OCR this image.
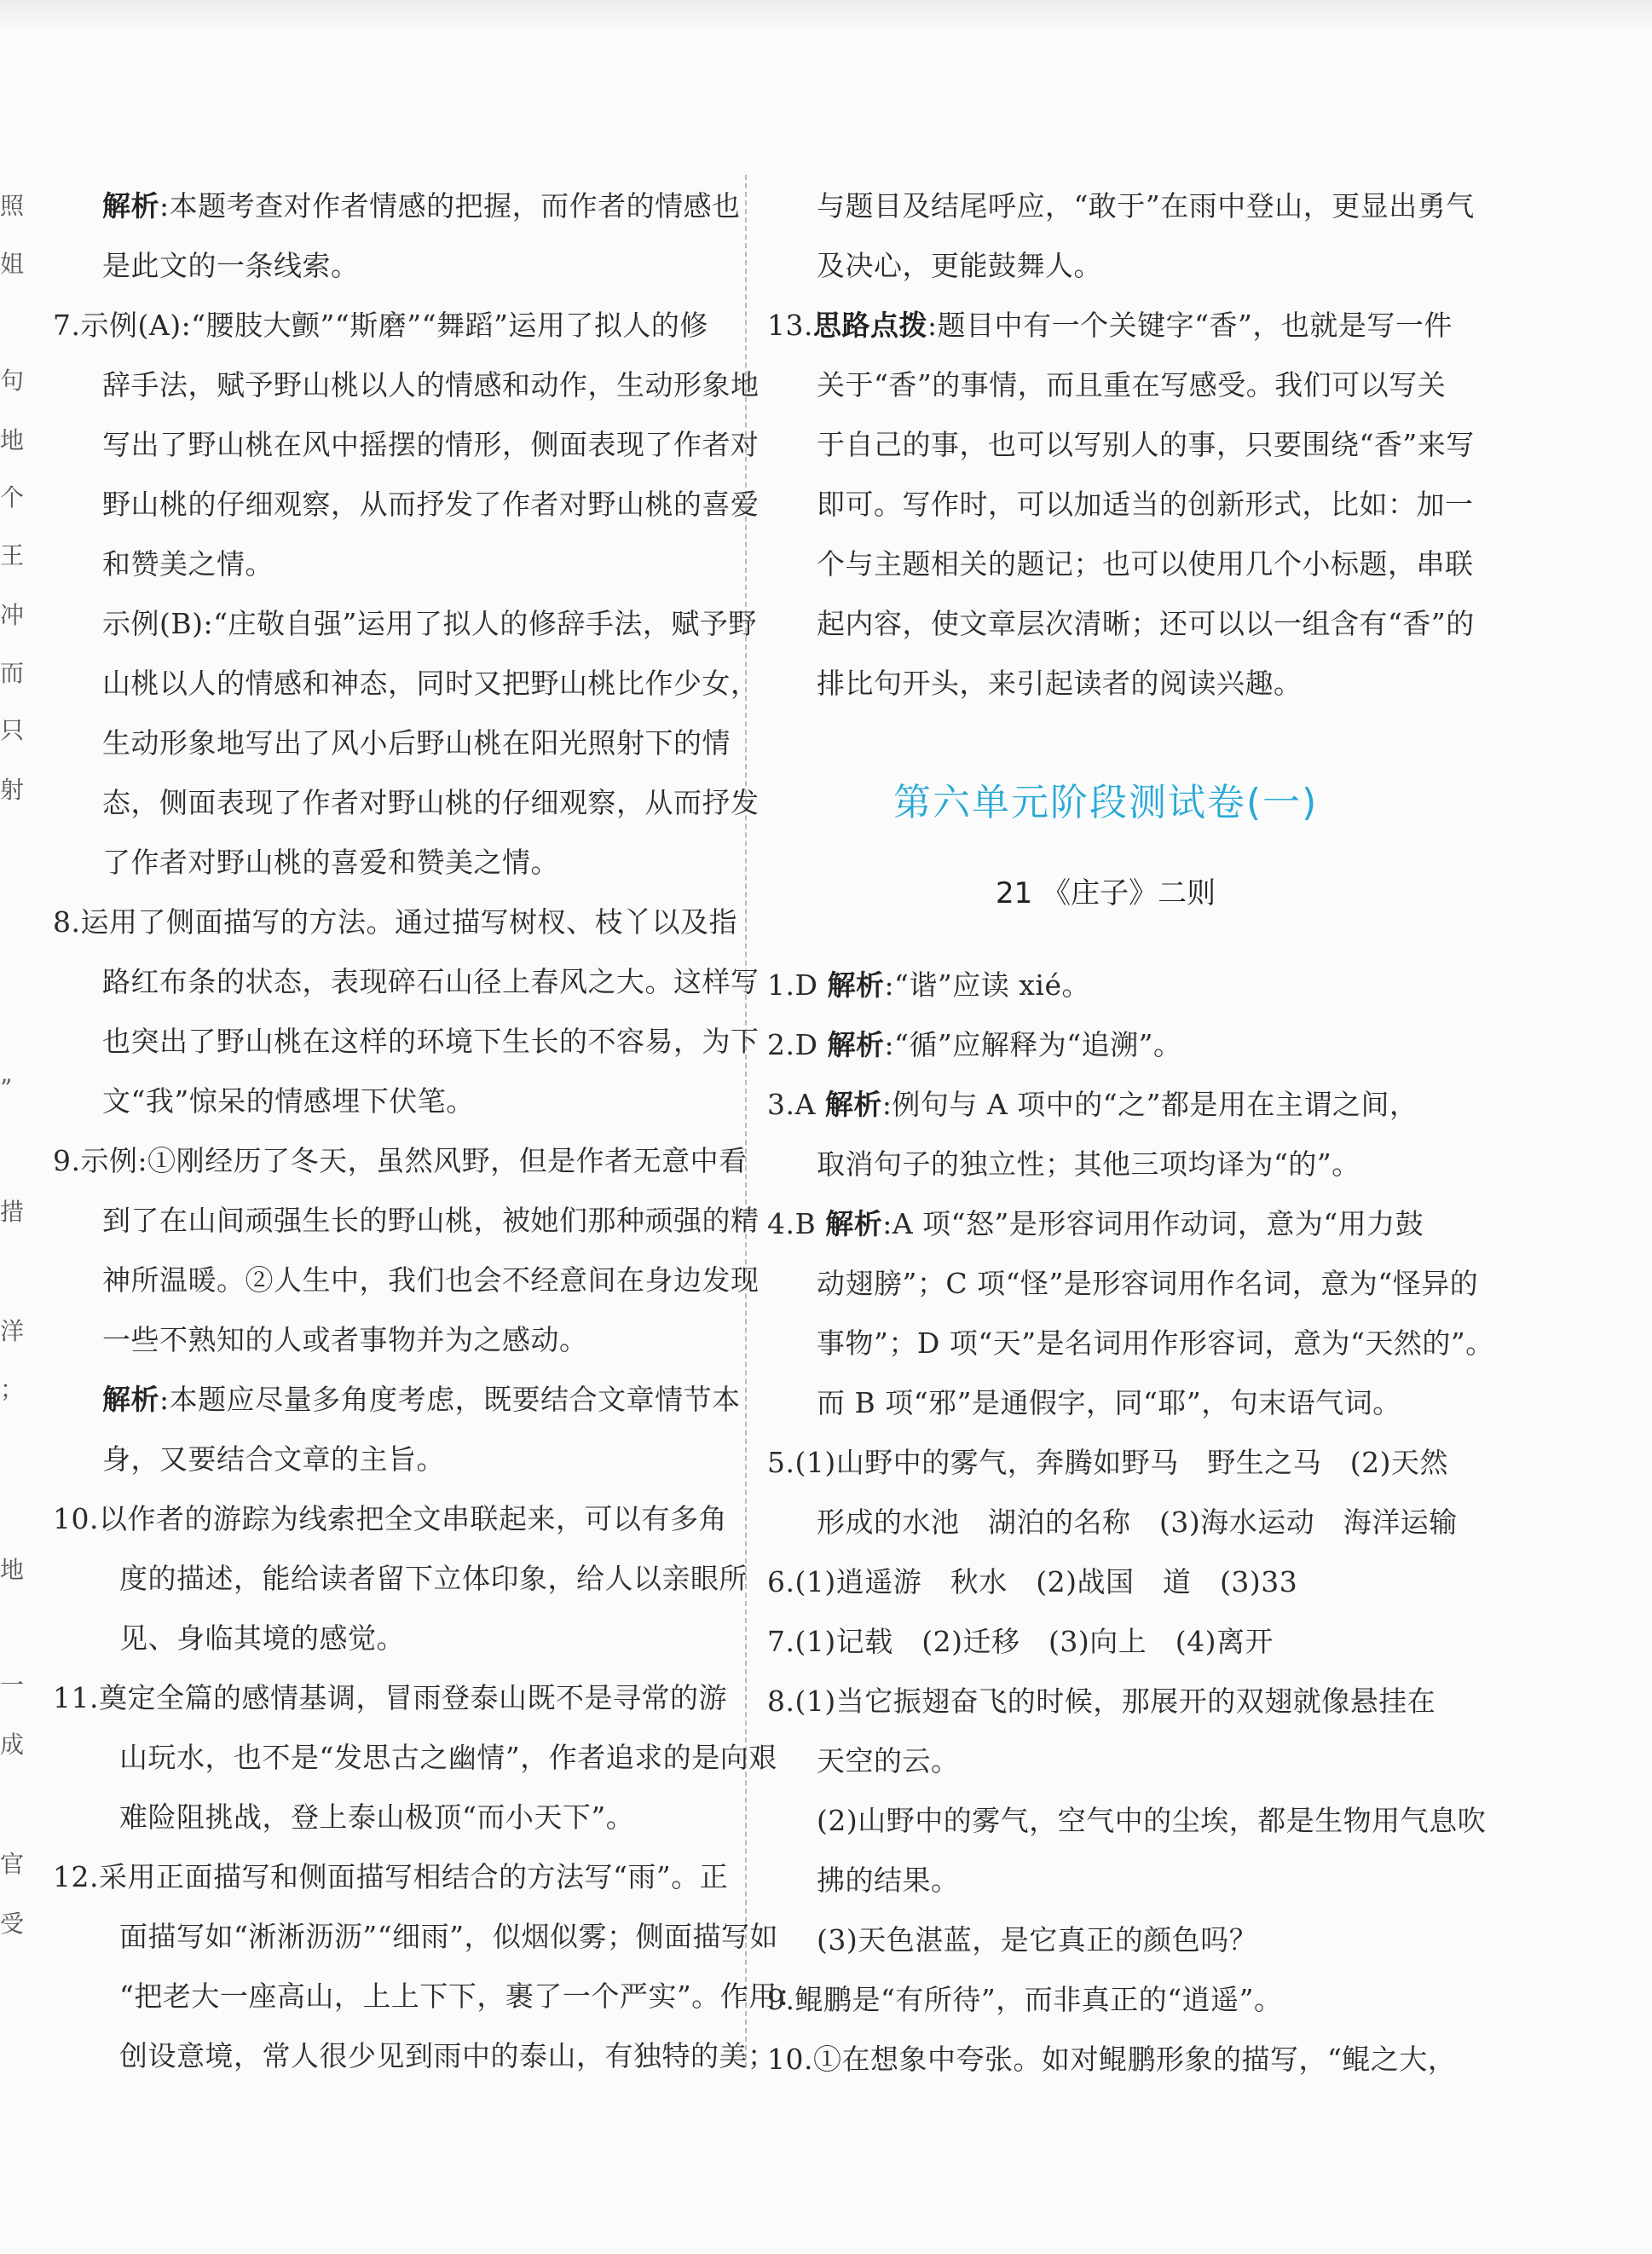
照
姐
句
地
个
王
冲
而
只
射
”
措
洋
；
地
一
成
官
受
解析:本题考查对作者情感的把握，而作者的情感也
是此文的一条线索。
7.示例(A):“腰肢大颤”“斯磨”“舞蹈”运用了拟人的修
辞手法，赋予野山桃以人的情感和动作，生动形象地
写出了野山桃在风中摇摆的情形，侧面表现了作者对
野山桃的仔细观察，从而抒发了作者对野山桃的喜爱
和赞美之情。
示例(B):“庄敬自强”运用了拟人的修辞手法，赋予野
山桃以人的情感和神态，同时又把野山桃比作少女，
生动形象地写出了风小后野山桃在阳光照射下的情
态，侧面表现了作者对野山桃的仔细观察，从而抒发
了作者对野山桃的喜爱和赞美之情。
8.运用了侧面描写的方法。通过描写树杈、枝丫以及指
路红布条的状态，表现碎石山径上春风之大。这样写
也突出了野山桃在这样的环境下生长的不容易，为下
文“我”惊呆的情感埋下伏笔。
9.示例:①刚经历了冬天，虽然风野，但是作者无意中看
到了在山间顽强生长的野山桃，被她们那种顽强的精
神所温暖。②人生中，我们也会不经意间在身边发现
一些不熟知的人或者事物并为之感动。
解析:本题应尽量多角度考虑，既要结合文章情节本
身，又要结合文章的主旨。
10.以作者的游踪为线索把全文串联起来，可以有多角
度的描述，能给读者留下立体印象，给人以亲眼所
见、身临其境的感觉。
11.奠定全篇的感情基调，冒雨登泰山既不是寻常的游
山玩水，也不是“发思古之幽情”，作者追求的是向艰
难险阻挑战，登上泰山极顶“而小天下”。
12.采用正面描写和侧面描写相结合的方法写“雨”。正
面描写如“淅淅沥沥”“细雨”，似烟似雾；侧面描写如
“把老大一座高山，上上下下，裹了一个严实”。作用：
创设意境，常人很少见到雨中的泰山，有独特的美；
与题目及结尾呼应，“敢于”在雨中登山，更显出勇气
及决心，更能鼓舞人。
13.思路点拨:题目中有一个关键字“香”，也就是写一件
关于“香”的事情，而且重在写感受。我们可以写关
于自己的事，也可以写别人的事，只要围绕“香”来写
即可。写作时，可以加适当的创新形式，比如：加一
个与主题相关的题记；也可以使用几个小标题，串联
起内容，使文章层次清晰；还可以以一组含有“香”的
排比句开头，来引起读者的阅读兴趣。
1.D 解析:“谐”应读 xié。
2.D 解析:“循”应解释为“追溯”。
3.A 解析:例句与 A 项中的“之”都是用在主谓之间，
取消句子的独立性；其他三项均译为“的”。
4.B 解析:A 项“怒”是形容词用作动词，意为“用力鼓
动翅膀”；C 项“怪”是形容词用作名词，意为“怪异的
事物”；D 项“天”是名词用作形容词，意为“天然的”。
而 B 项“邪”是通假字，同“耶”，句末语气词。
5.(1)山野中的雾气，奔腾如野马　野生之马　(2)天然
形成的水池　湖泊的名称　(3)海水运动　海洋运输
6.(1)逍遥游　秋水　(2)战国　道　(3)33
7.(1)记载　(2)迁移　(3)向上　(4)离开
8.(1)当它振翅奋飞的时候，那展开的双翅就像悬挂在
天空的云。
(2)山野中的雾气，空气中的尘埃，都是生物用气息吹
拂的结果。
(3)天色湛蓝，是它真正的颜色吗？
9.鲲鹏是“有所待”，而非真正的“逍遥”。
10.①在想象中夸张。如对鲲鹏形象的描写，“鲲之大，
第六单元阶段测试卷(一)
21 《庄子》二则
